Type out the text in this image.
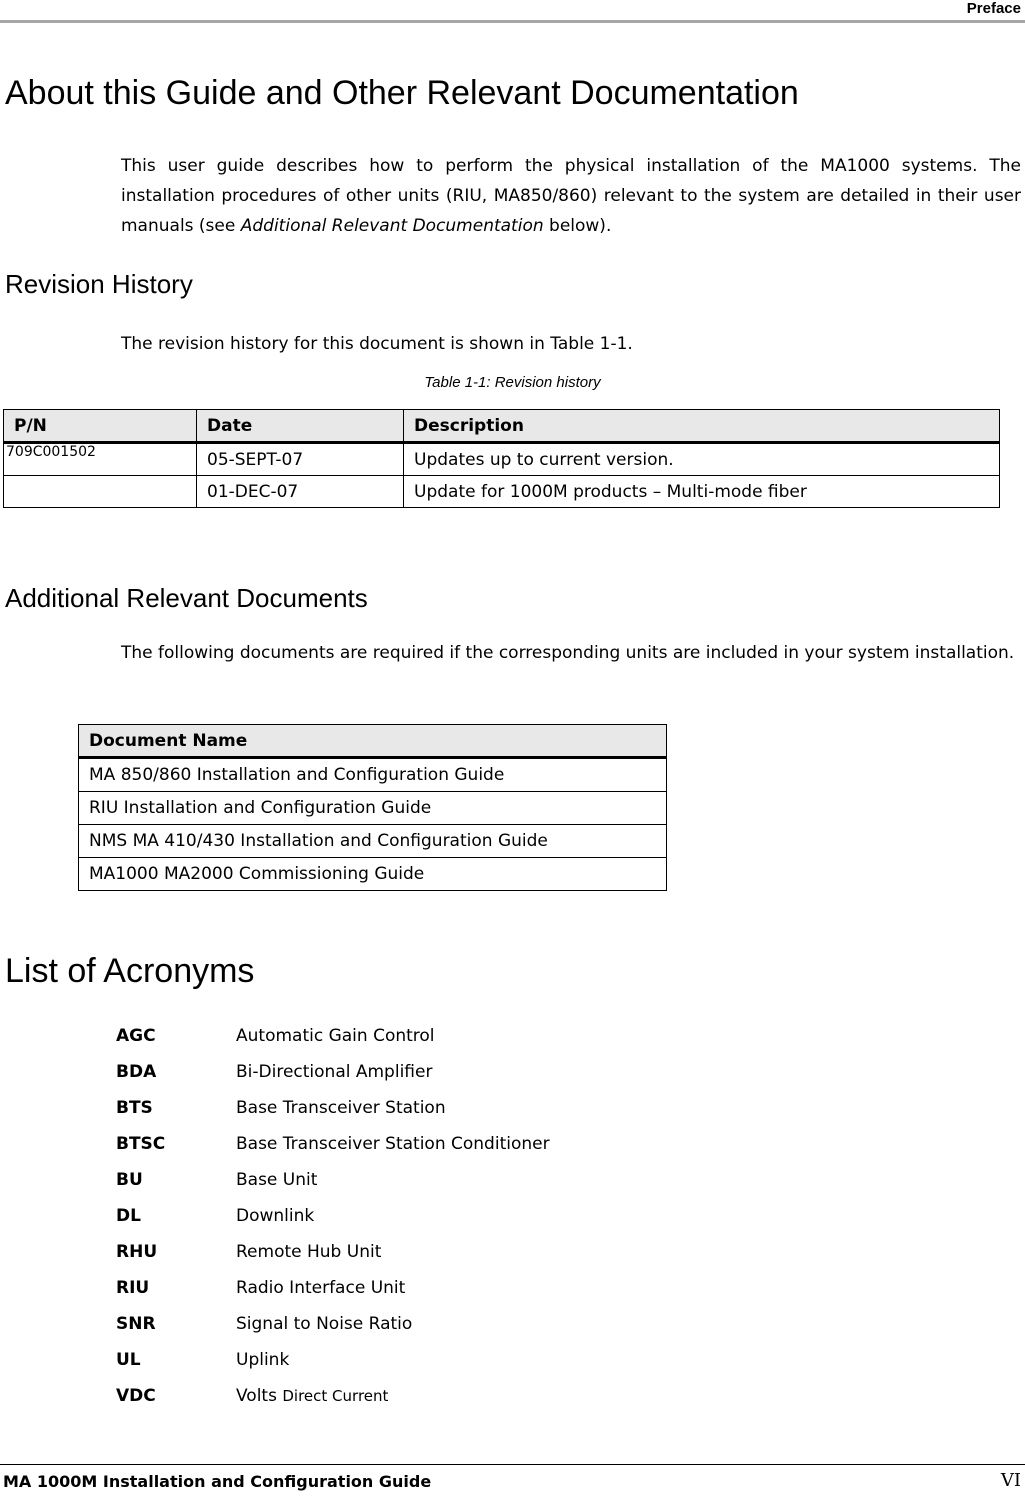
Preface
About this Guide and Other Relevant Documentation

This user guide describes how to perform the physical installation of the MA1000 systems. The installation procedures of other units (RIU, MA850/860) relevant to the system are detailed in their user manuals (see Additional Relevant Documentation below).

Revision History

The revision history for this document is shown in Table 1-1.

Table 1-1: Revision history
P/N	Date	Description
709C001502	05-SEPT-07	Updates up to current version.
	01-DEC-07	Update for 1000M products – Multi-mode fiber
Additional Relevant Documents

The following documents are required if the corresponding units are included in your system installation.

Document Name
MA 850/860 Installation and Configuration Guide
RIU Installation and Configuration Guide
NMS MA 410/430 Installation and Configuration Guide
MA1000 MA2000 Commissioning Guide
List of Acronyms
AGC	Automatic Gain Control
BDA	Bi-Directional Amplifier
BTS	Base Transceiver Station
BTSC	Base Transceiver Station Conditioner
BU	Base Unit
DL	Downlink
RHU	Remote Hub Unit
RIU	Radio Interface Unit
SNR	Signal to Noise Ratio
UL	Uplink
VDC	Volts Direct Current
MA 1000M Installation and Configuration Guide	VI
